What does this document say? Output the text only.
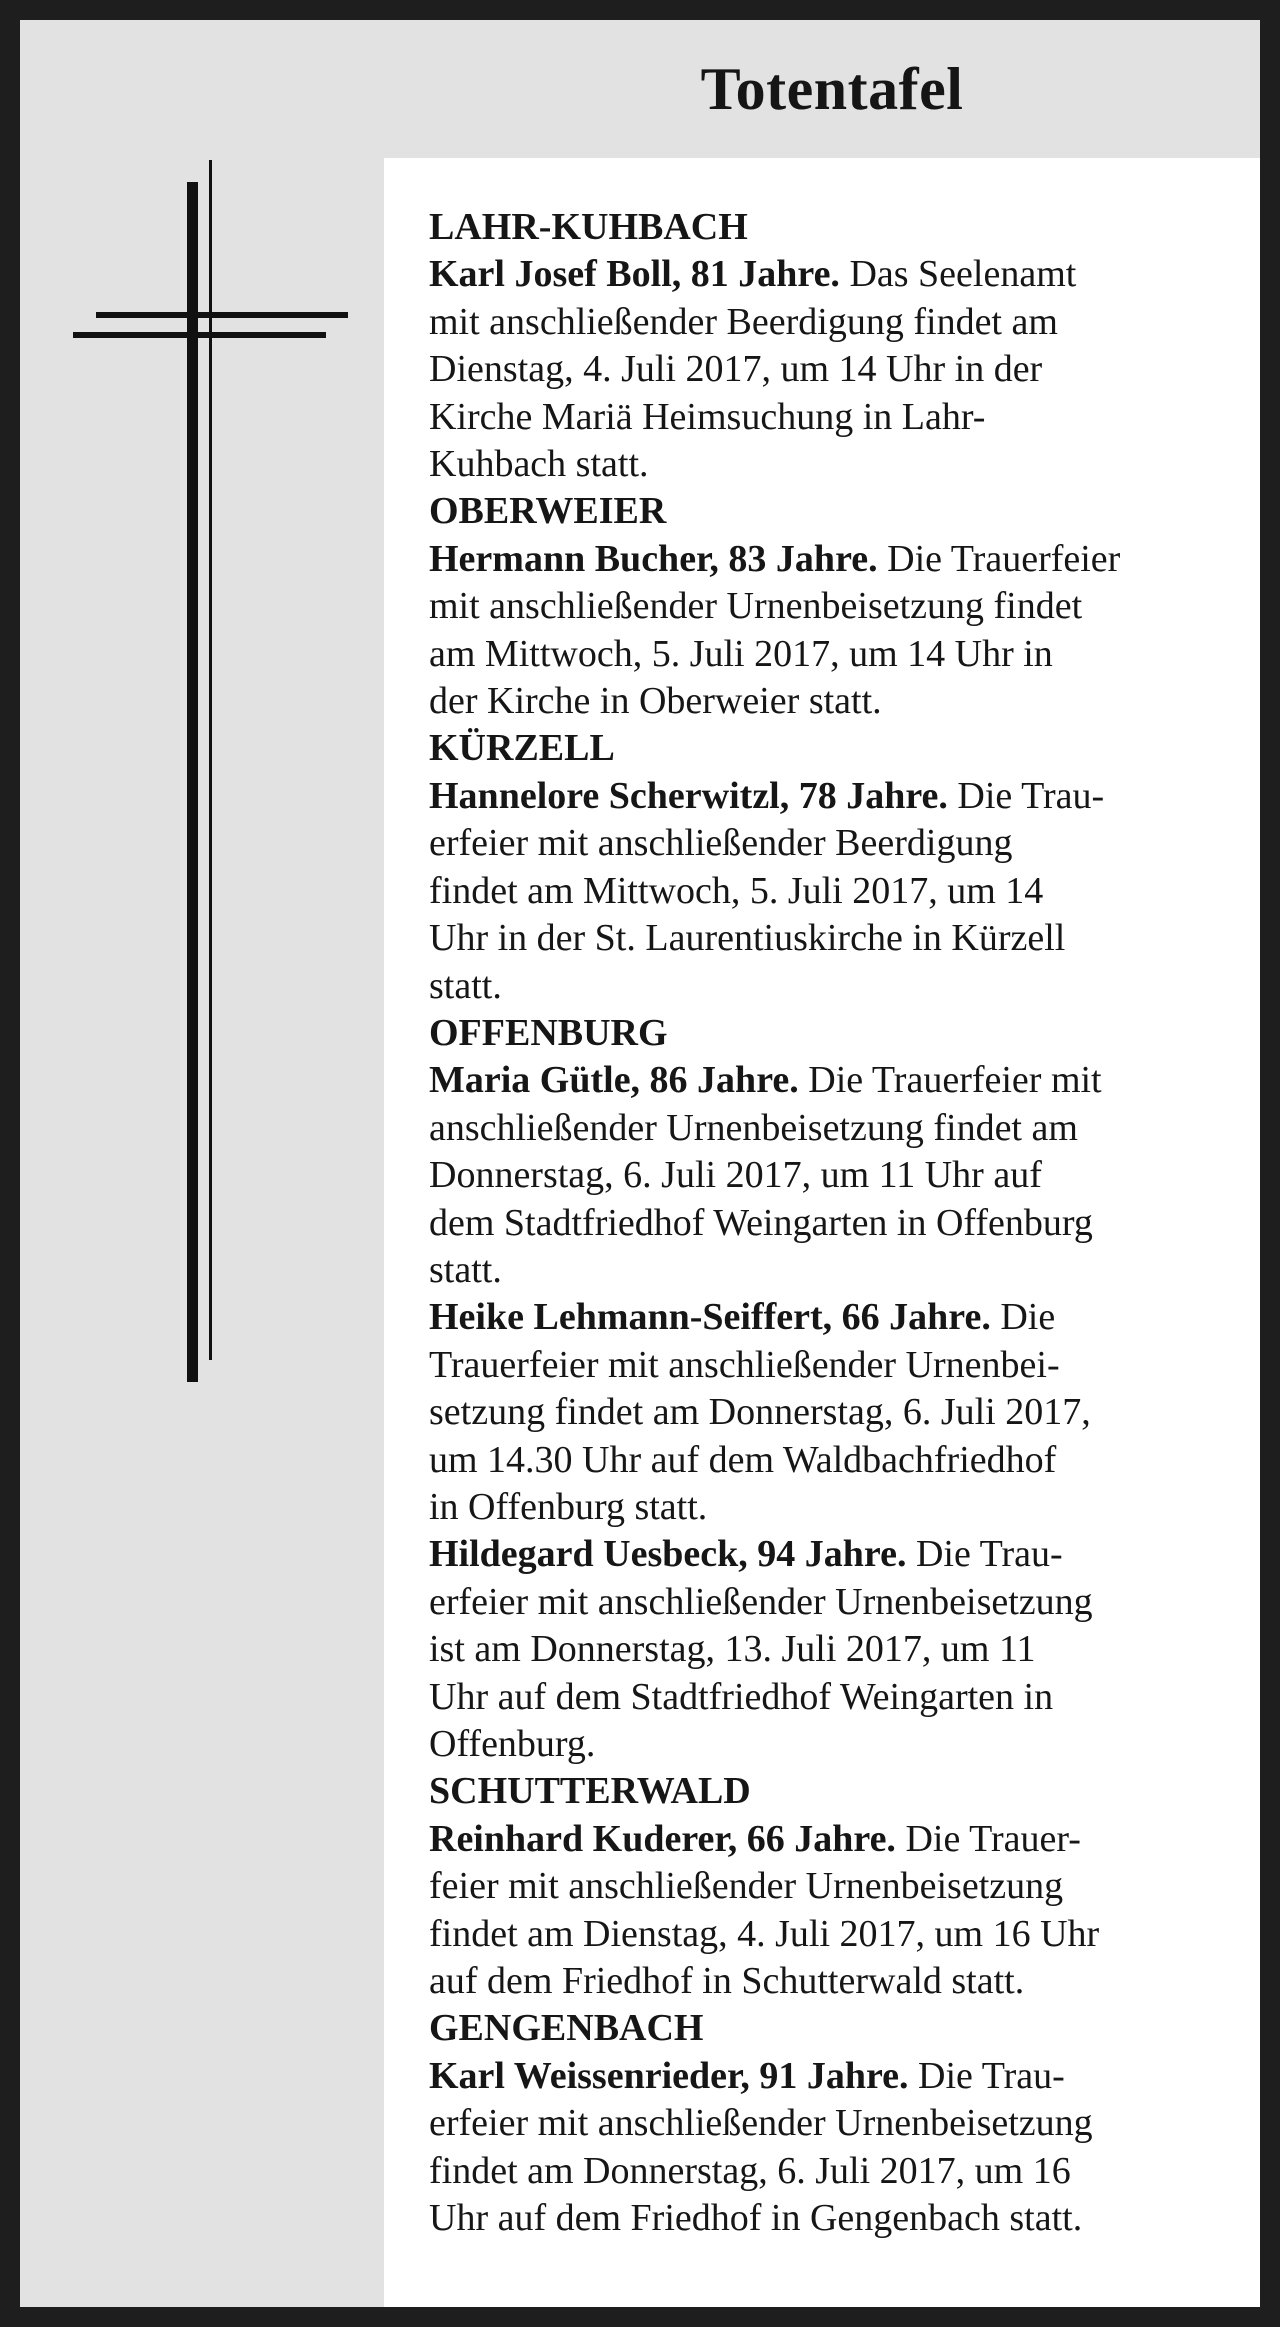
Totentafel
LAHR-KUHBACH
Karl Josef Boll, 81 Jahre. Das Seelenamt
mit anschließender Beerdigung findet am
Dienstag, 4. Juli 2017, um 14 Uhr in der
Kirche Mariä Heimsuchung in Lahr-
Kuhbach statt.
OBERWEIER
Hermann Bucher, 83 Jahre. Die Trauerfeier
mit anschließender Urnenbeisetzung findet
am Mittwoch, 5. Juli 2017, um 14 Uhr in
der Kirche in Oberweier statt.
KÜRZELL
Hannelore Scherwitzl, 78 Jahre. Die Trau-
erfeier mit anschließender Beerdigung
findet am Mittwoch, 5. Juli 2017, um 14
Uhr in der St. Laurentiuskirche in Kürzell
statt.
OFFENBURG
Maria Gütle, 86 Jahre. Die Trauerfeier mit
anschließender Urnenbeisetzung findet am
Donnerstag, 6. Juli 2017, um 11 Uhr auf
dem Stadtfriedhof Weingarten in Offenburg
statt.
Heike Lehmann-Seiffert, 66 Jahre. Die
Trauerfeier mit anschließender Urnenbei-
setzung findet am Donnerstag, 6. Juli 2017,
um 14.30 Uhr auf dem Waldbachfriedhof
in Offenburg statt.
Hildegard Uesbeck, 94 Jahre. Die Trau-
erfeier mit anschließender Urnenbeisetzung
ist am Donnerstag, 13. Juli 2017, um 11
Uhr auf dem Stadtfriedhof Weingarten in
Offenburg.
SCHUTTERWALD
Reinhard Kuderer, 66 Jahre. Die Trauer-
feier mit anschließender Urnenbeisetzung
findet am Dienstag, 4. Juli 2017, um 16 Uhr
auf dem Friedhof in Schutterwald statt.
GENGENBACH
Karl Weissenrieder, 91 Jahre. Die Trau-
erfeier mit anschließender Urnenbeisetzung
findet am Donnerstag, 6. Juli 2017, um 16
Uhr auf dem Friedhof in Gengenbach statt.
